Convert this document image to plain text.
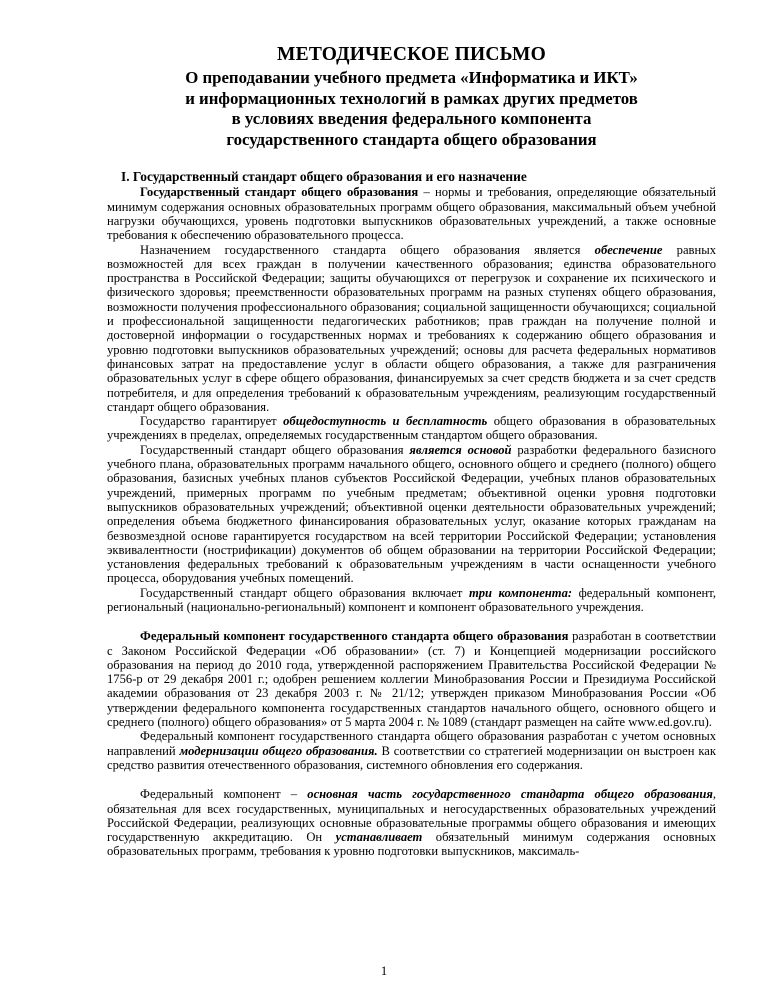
МЕТОДИЧЕСКОЕ ПИСЬМО
О преподавании учебного предмета «Информатика и ИКТ»
и информационных технологий в рамках других предметов
в условиях введения федерального компонента
государственного стандарта общего образования
I. Государственный стандарт общего образования и его назначение

Государственный стандарт общего образования – нормы и требования, определяющие обязательный минимум содержания основных образовательных программ общего образования, максимальный объем учебной нагрузки обучающихся, уровень подготовки выпускников образовательных учреждений, а также основные требования к обеспечению образовательного процесса.

Назначением государственного стандарта общего образования является обеспечение равных возможностей для всех граждан в получении качественного образования; единства образовательного пространства в Российской Федерации; защиты обучающихся от перегрузок и сохранение их психического и физического здоровья; преемственности образовательных программ на разных ступенях общего образования, возможности получения профессионального образования; социальной защищенности обучающихся; социальной и профессиональной защищенности педагогических работников; прав граждан на получение полной и достоверной информации о государственных нормах и требованиях к содержанию общего образования и уровню подготовки выпускников образовательных учреждений; основы для расчета федеральных нормативов финансовых затрат на предоставление услуг в области общего образования, а также для разграничения образовательных услуг в сфере общего образования, финансируемых за счет средств бюджета и за счет средств потребителя, и для определения требований к образовательным учреждениям, реализующим государственный стандарт общего образования.

Государство гарантирует общедоступность и бесплатность общего образования в образовательных учреждениях в пределах, определяемых государственным стандартом общего образования.

Государственный стандарт общего образования является основой разработки федерального базисного учебного плана, образовательных программ начального общего, основного общего и среднего (полного) общего образования, базисных учебных планов субъектов Российской Федерации, учебных планов образовательных учреждений, примерных программ по учебным предметам; объективной оценки уровня подготовки выпускников образовательных учреждений; объективной оценки деятельности образовательных учреждений; определения объема бюджетного финансирования образовательных услуг, оказание которых гражданам на безвозмездной основе гарантируется государством на всей территории Российской Федерации; установления эквивалентности (нострификации) документов об общем образовании на территории Российской Федерации; установления федеральных требований к образовательным учреждениям в части оснащенности учебного процесса, оборудования учебных помещений.

Государственный стандарт общего образования включает три компонента: федеральный компонент, региональный (национально-региональный) компонент и компонент образовательного учреждения.

Федеральный компонент государственного стандарта общего образования разработан в соответствии с Законом Российской Федерации «Об образовании» (ст. 7) и Концепцией модернизации российского образования на период до 2010 года, утвержденной распоряжением Правительства Российской Федерации № 1756-р от 29 декабря 2001 г.; одобрен решением коллегии Минобразования России и Президиума Российской академии образования от 23 декабря 2003 г. № 21/12; утвержден приказом Минобразования России «Об утверждении федерального компонента государственных стандартов начального общего, основного общего и среднего (полного) общего образования» от 5 марта 2004 г. № 1089 (стандарт размещен на сайте www.ed.gov.ru).

Федеральный компонент государственного стандарта общего образования разработан с учетом основных направлений модернизации общего образования. В соответствии со стратегией модернизации он выстроен как средство развития отечественного образования, системного обновления его содержания.

Федеральный компонент – основная часть государственного стандарта общего образования, обязательная для всех государственных, муниципальных и негосударственных образовательных учреждений Российской Федерации, реализующих основные образовательные программы общего образования и имеющих государственную аккредитацию. Он устанавливает обязательный минимум содержания основных образовательных программ, требования к уровню подготовки выпускников, максималь-

1
